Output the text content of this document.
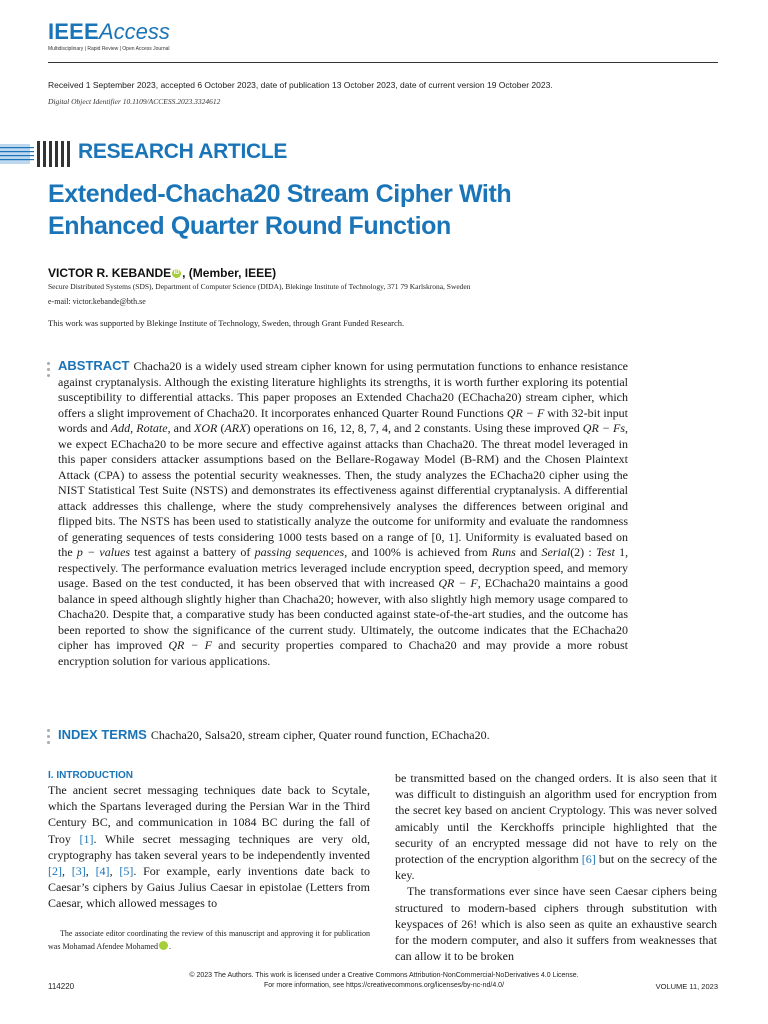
IEEEAccess
Multidisciplinary | Rapid Review | Open Access Journal
Received 1 September 2023, accepted 6 October 2023, date of publication 13 October 2023, date of current version 19 October 2023.
Digital Object Identifier 10.1109/ACCESS.2023.3324612
RESEARCH ARTICLE
Extended-Chacha20 Stream Cipher With
Enhanced Quarter Round Function
VICTOR R. KEBANDE iD , (Member, IEEE)
Secure Distributed Systems (SDS), Department of Computer Science (DIDA), Blekinge Institute of Technology, 371 79 Karlskrona, Sweden
e-mail: victor.kebande@bth.se
This work was supported by Blekinge Institute of Technology, Sweden, through Grant Funded Research.
ABSTRACT Chacha20 is a widely used stream cipher known for using permutation functions to enhance resistance against cryptanalysis. Although the existing literature highlights its strengths, it is worth further exploring its potential susceptibility to differential attacks. This paper proposes an Extended Chacha20 (EChacha20) stream cipher, which offers a slight improvement of Chacha20. It incorporates enhanced Quarter Round Functions QR − F with 32-bit input words and Add, Rotate, and XOR (ARX) operations on 16, 12, 8, 7, 4, and 2 constants. Using these improved QR − Fs, we expect EChacha20 to be more secure and effective against attacks than Chacha20. The threat model leveraged in this paper considers attacker assumptions based on the Bellare-Rogaway Model (B-RM) and the Chosen Plaintext Attack (CPA) to assess the potential security weaknesses. Then, the study analyzes the EChacha20 cipher using the NIST Statistical Test Suite (NSTS) and demonstrates its effectiveness against differential cryptanalysis. A differential attack addresses this challenge, where the study comprehensively analyses the differences between original and flipped bits. The NSTS has been used to statistically analyze the outcome for uniformity and evaluate the randomness of generating sequences of tests considering 1000 tests based on a range of [0, 1]. Uniformity is evaluated based on the p − values test against a battery of passing sequences, and 100% is achieved from Runs and Serial(2) : Test 1, respectively. The performance evaluation metrics leveraged include encryption speed, decryption speed, and memory usage. Based on the test conducted, it has been observed that with increased QR − F, EChacha20 maintains a good balance in speed although slightly higher than Chacha20; however, with also slightly high memory usage compared to Chacha20. Despite that, a comparative study has been conducted against state-of-the-art studies, and the outcome has been reported to show the significance of the current study. Ultimately, the outcome indicates that the EChacha20 cipher has improved QR − F and security properties compared to Chacha20 and may provide a more robust encryption solution for various applications.
INDEX TERMS Chacha20, Salsa20, stream cipher, Quater round function, EChacha20.
I. INTRODUCTION

The ancient secret messaging techniques date back to Scytale, which the Spartans leveraged during the Persian War in the Third Century BC, and communication in 1084 BC during the fall of Troy [1]. While secret messaging techniques are very old, cryptography has taken several years to be independently invented [2], [3], [4], [5]. For example, early inventions date back to Caesar’s ciphers by Gaius Julius Caesar in epistolae (Letters from Caesar, which allowed messages to

The associate editor coordinating the review of this manuscript and approving it for publication was Mohamad Afendee Mohamed iD.

be transmitted based on the changed orders. It is also seen that it was difficult to distinguish an algorithm used for encryption from the secret key based on ancient Cryptology. This was never solved amicably until the Kerckhoffs principle highlighted that the security of an encrypted message did not have to rely on the protection of the encryption algorithm [6] but on the secrecy of the key.

The transformations ever since have seen Caesar ciphers being structured to modern-based ciphers through substitution with keyspaces of 26! which is also seen as quite an exhaustive search for the modern computer, and also it suffers from weaknesses that can allow it to be broken

© 2023 The Authors. This work is licensed under a Creative Commons Attribution-NonCommercial-NoDerivatives 4.0 License.
For more information, see https://creativecommons.org/licenses/by-nc-nd/4.0/
114220	VOLUME 11, 2023
